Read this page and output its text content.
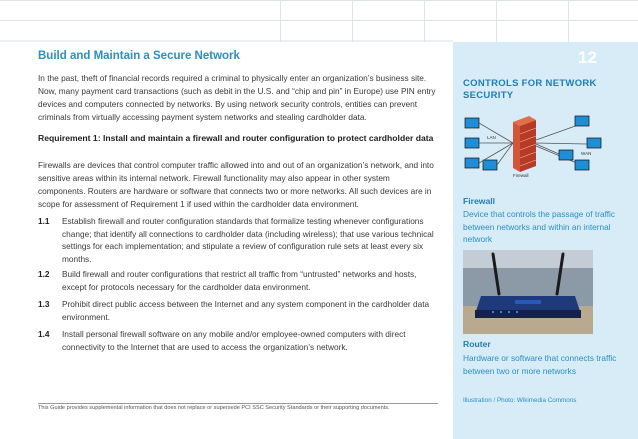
Build and Maintain a Secure Network

In the past, theft of financial records required a criminal to physically enter an organization’s business site. Now, many payment card transactions (such as debit in the U.S. and “chip and pin” in Europe) use PIN entry devices and computers connected by networks. By using network security controls, entities can prevent criminals from virtually accessing payment system networks and stealing cardholder data.

Requirement 1: Install and maintain a firewall and router configuration to protect cardholder data

Firewalls are devices that control computer traffic allowed into and out of an organization’s network, and into sensitive areas within its internal network. Firewall functionality may also appear in other system components. Routers are hardware or software that connects two or more networks. All such devices are in scope for assessment of Requirement 1 if used within the cardholder data environment.

1.1 Establish firewall and router configuration standards that formalize testing whenever configurations change; that identify all connections to cardholder data (including wireless); that use various technical settings for each implementation; and stipulate a review of configuration rule sets at least every six months.
1.2 Build firewall and router configurations that restrict all traffic from “untrusted” networks and hosts, except for protocols necessary for the cardholder data environment.
1.3 Prohibit direct public access between the Internet and any system component in the cardholder data environment.
1.4 Install personal firewall software on any mobile and/or employee-owned computers with direct connectivity to the Internet that are used to access the organization’s network.

This Guide provides supplemental information that does not replace or supersede PCI SSC Security Standards or their supporting documents.

12

CONTROLS FOR NETWORK SECURITY

LAN
WAN
Firewall

Firewall

Device that controls the passage of traffic between networks and within an internal network

Router

Hardware or software that connects traffic between two or more networks

Illustration / Photo: Wikimedia Commons
